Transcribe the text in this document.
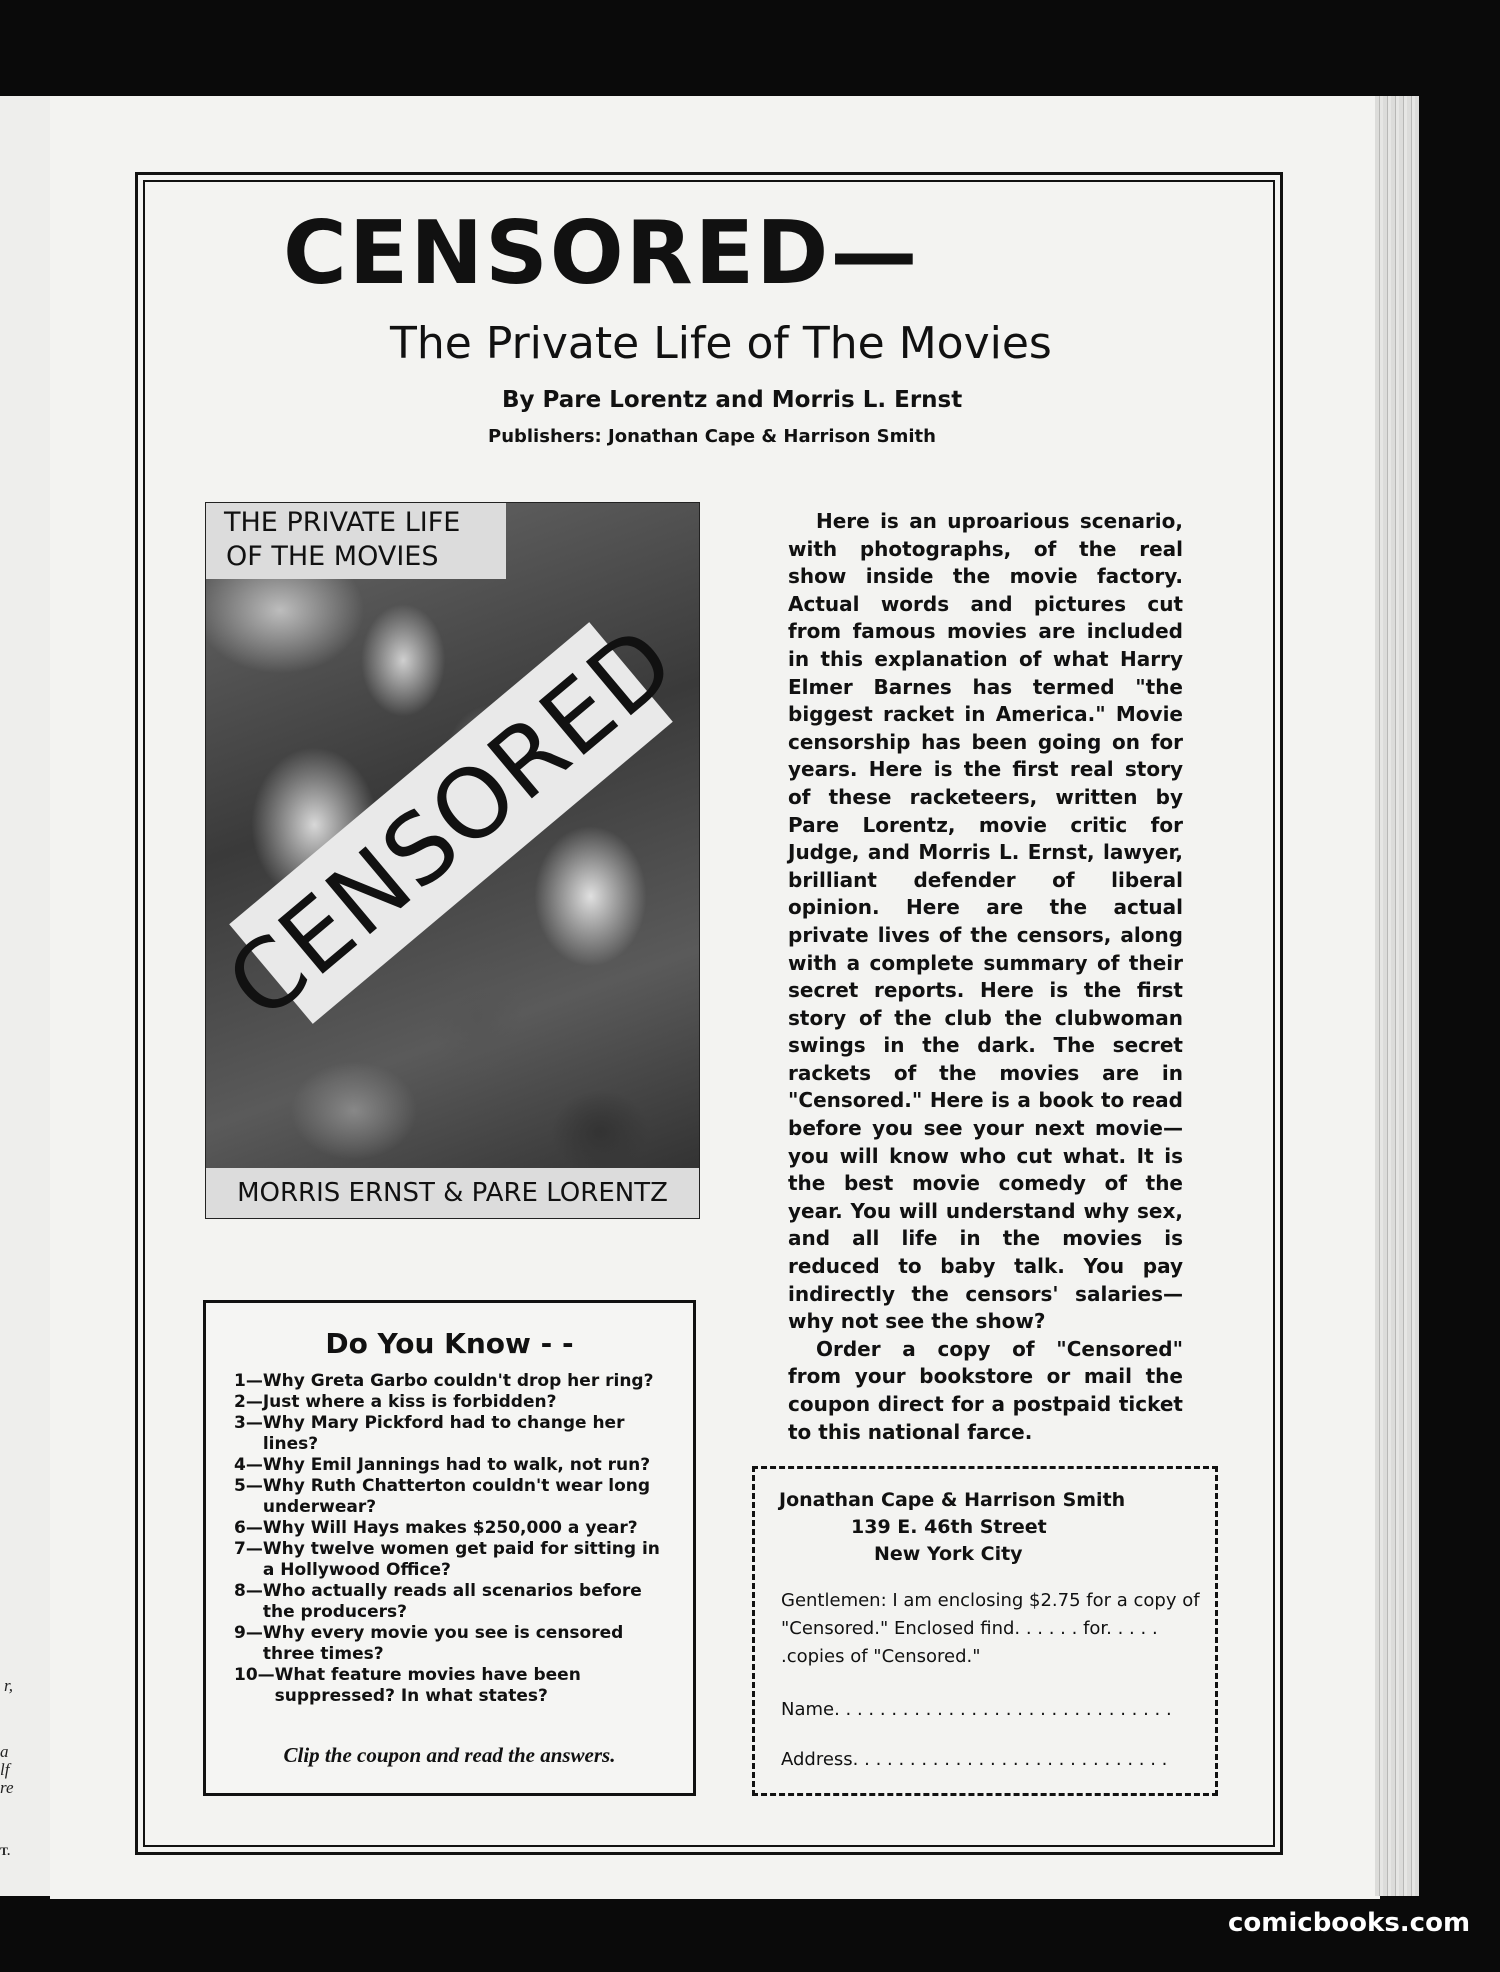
r,
a
lf
re
T.
CENSORED—
The Private Life of The Movies
By Pare Lorentz and Morris L. Ernst
Publishers: Jonathan Cape & Harrison Smith
THE PRIVATE LIFE
OF THE MOVIES
CENSORED
MORRIS ERNST & PARE LORENTZ

Here is an uproarious scenario, with photographs, of the real show inside the movie factory. Actual words and pictures cut from famous movies are included in this explanation of what Harry Elmer Barnes has termed "the biggest racket in America." Movie censorship has been going on for years. Here is the first real story of these racketeers, written by Pare Lorentz, movie critic for Judge, and Morris L. Ernst, lawyer, brilliant defender of liberal opinion. Here are the actual private lives of the censors, along with a complete summary of their secret reports. Here is the first story of the club the clubwoman swings in the dark. The secret rackets of the movies are in "Censored." Here is a book to read before you see your next movie—you will know who cut what. It is the best movie comedy of the year. You will understand why sex, and all life in the movies is reduced to baby talk. You pay indirectly the censors' salaries—why not see the show?

Order a copy of "Censored" from your bookstore or mail the coupon direct for a postpaid ticket to this national farce.

Do You Know - -
1— Why Greta Garbo couldn't drop her ring?
2— Just where a kiss is forbidden?
3— Why Mary Pickford had to change her lines?
4— Why Emil Jannings had to walk, not run?
5— Why Ruth Chatterton couldn't wear long underwear?
6— Why Will Hays makes $250,000 a year?
7— Why twelve women get paid for sitting in a Hollywood Office?
8— Who actually reads all scenarios before the producers?
9— Why every movie you see is censored three times?
10— What feature movies have been suppressed? In what states?
Clip the coupon and read the answers.
Jonathan Cape & Harrison Smith
139 E. 46th Street
New York City
Gentlemen: I am enclosing $2.75 for a copy of "Censored." Enclosed find. . . . . . for. . . . . .copies of "Censored."
Name. . . . . . . . . . . . . . . . . . . . . . . . . . . . . .
Address. . . . . . . . . . . . . . . . . . . . . . . . . . . .
comicbooks.com
